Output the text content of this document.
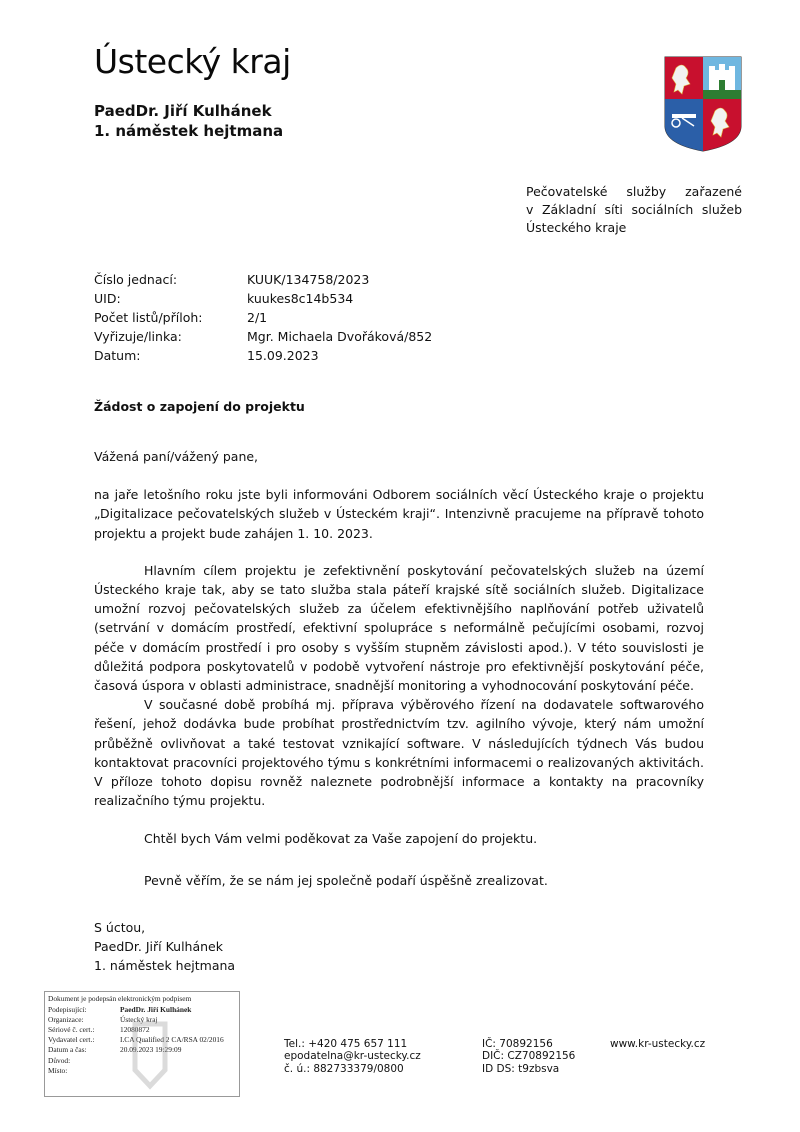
Ústecký kraj
PaedDr. Jiří Kulhánek
1. náměstek hejtmana
Pečovatelské služby zařazené
v Základní síti sociálních služeb
Ústeckého kraje
Číslo jednací:	KUUK/134758/2023
UID:	kuukes8c14b534
Počet listů/příloh:	2/1
Vyřizuje/linka:	Mgr. Michaela Dvořáková/852
Datum:	15.09.2023
Žádost o zapojení do projektu

Vážená paní/vážený pane,

na jaře letošního roku jste byli informováni Odborem sociálních věcí Ústeckého kraje o projektu „Digitalizace pečovatelských služeb v Ústeckém kraji“. Intenzivně pracujeme na přípravě tohoto projektu a projekt bude zahájen 1. 10. 2023.

Hlavním cílem projektu je zefektivnění poskytování pečovatelských služeb na území Ústeckého kraje tak, aby se tato služba stala páteří krajské sítě sociálních služeb. Digitalizace umožní rozvoj pečovatelských služeb za účelem efektivnějšího naplňování potřeb uživatelů (setrvání v domácím prostředí, efektivní spolupráce s neformálně pečujícími osobami, rozvoj péče v domácím prostředí i pro osoby s vyšším stupněm závislosti apod.). V této souvislosti je důležitá podpora poskytovatelů v podobě vytvoření nástroje pro efektivnější poskytování péče, časová úspora v oblasti administrace, snadnější monitoring a vyhodnocování poskytování péče.

V současné době probíhá mj. příprava výběrového řízení na dodavatele softwarového řešení, jehož dodávka bude probíhat prostřednictvím tzv. agilního vývoje, který nám umožní průběžně ovlivňovat a také testovat vznikající software. V následujících týdnech Vás budou kontaktovat pracovníci projektového týmu s konkrétními informacemi o realizovaných aktivitách. V příloze tohoto dopisu rovněž naleznete podrobnější informace a kontakty na pracovníky realizačního týmu projektu.

Chtěl bych Vám velmi poděkovat za Vaše zapojení do projektu.

Pevně věřím, že se nám jej společně podaří úspěšně zrealizovat.

S úctou,
PaedDr. Jiří Kulhánek
1. náměstek hejtmana
Dokument je podepsán elektronickým podpisem
Podepisující:	PaedDr. Jiří Kulhánek
Organizace:	Ústecký kraj
Sériové č. cert.:	12080872
Vydavatel cert.:	I.CA Qualified 2 CA/RSA 02/2016
Datum a čas:	20.09.2023 19:29:09
Důvod:
Místo:
Tel.: +420 475 657 111
epodatelna@kr-ustecky.cz
č. ú.: 882733379/0800
IČ: 70892156
DIČ: CZ70892156
ID DS: t9zbsva
www.kr-ustecky.cz
